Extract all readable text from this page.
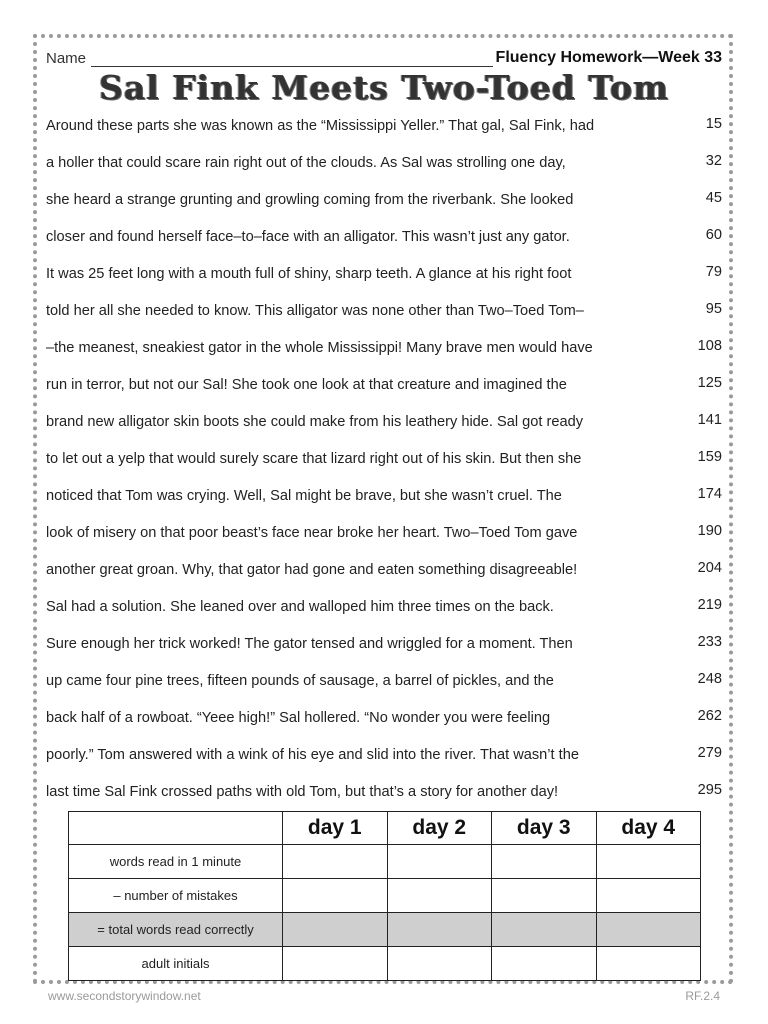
Name	Fluency Homework—Week 33
Sal Fink Meets Two-Toed Tom
Around these parts she was known as the “Mississippi Yeller.” That gal, Sal Fink, had	15
a holler that could scare rain right out of the clouds. As Sal was strolling one day,	32
she heard a strange grunting and growling coming from the riverbank. She looked	45
closer and found herself face–to–face with an alligator. This wasn’t just any gator.	60
It was 25 feet long with a mouth full of shiny, sharp teeth. A glance at his right foot	79
told her all she needed to know. This alligator was none other than Two–Toed Tom–	95
–the meanest, sneakiest gator in the whole Mississippi! Many brave men would have	108
run in terror, but not our Sal! She took one look at that creature and imagined the	125
brand new alligator skin boots she could make from his leathery hide. Sal got ready	141
to let out a yelp that would surely scare that lizard right out of his skin. But then she	159
noticed that Tom was crying. Well, Sal might be brave, but she wasn’t cruel. The	174
look of misery on that poor beast’s face near broke her heart. Two–Toed Tom gave	190
another great groan. Why, that gator had gone and eaten something disagreeable!	204
Sal had a solution. She leaned over and walloped him three times on the back.	219
Sure enough her trick worked! The gator tensed and wriggled for a moment. Then	233
up came four pine trees, fifteen pounds of sausage, a barrel of pickles, and the	248
back half of a rowboat. “Yeee high!” Sal hollered. “No wonder you were feeling	262
poorly.” Tom answered with a wink of his eye and slid into the river. That wasn’t the	279
last time Sal Fink crossed paths with old Tom, but that’s a story for another day!	295
	day 1	day 2	day 3	day 4
words read in 1 minute				
– number of mistakes				
= total words read correctly				
adult initials				
www.secondstorywindow.net	RF.2.4
